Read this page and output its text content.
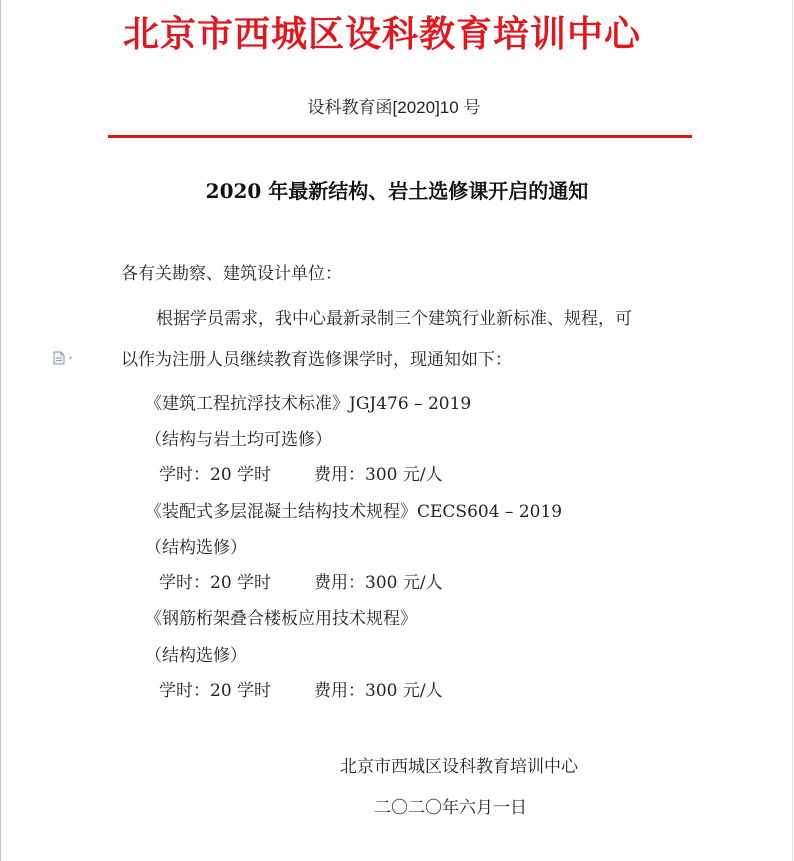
北京市西城区设科教育培训中心
设科教育函[2020]10 号
2020 年最新结构、岩土选修课开启的通知
各有关勘察、建筑设计单位：
根据学员需求，我中心最新录制三个建筑行业新标准、规程，可
以作为注册人员继续教育选修课学时，现通知如下：
《建筑工程抗浮技术标准》JGJ476 – 2019
（结构与岩土均可选修）
学时：20 学时	费用：300 元/人
《装配式多层混凝土结构技术规程》CECS604 – 2019
（结构选修）
学时：20 学时	费用：300 元/人
《钢筋桁架叠合楼板应用技术规程》
（结构选修）
学时：20 学时	费用：300 元/人
北京市西城区设科教育培训中心
二〇二〇年六月一日
